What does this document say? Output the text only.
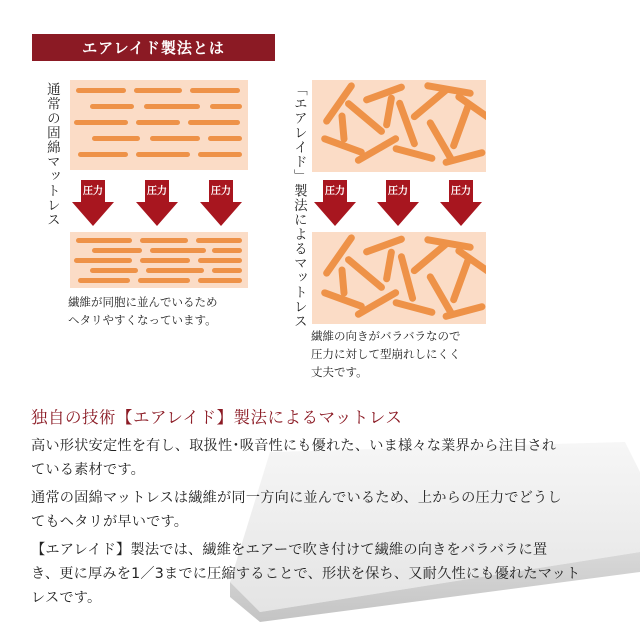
エアレイド製法とは
通常の固綿マットレス 圧力	圧力	圧力
繊維が同胞に並んでいるため
ヘタリやすくなっています。	「エアレイド」製法によるマットレス 圧力	圧力	圧力
繊維の向きがバラバラなので
圧力に対して型崩れしにくく
丈夫です。
独自の技術【エアレイド】製法によるマットレス
高い形状安定性を有し、取扱性･吸音性にも優れた、いま様々な業界から注目され
ている素材です。
通常の固綿マットレスは繊維が同一方向に並んでいるため、上からの圧力でどうし
てもヘタリが早いです。
【エアレイド】製法では、繊維をエアーで吹き付けて繊維の向きをバラバラに置
き、更に厚みを1／3までに圧縮することで、形状を保ち、又耐久性にも優れたマット
レスです。
